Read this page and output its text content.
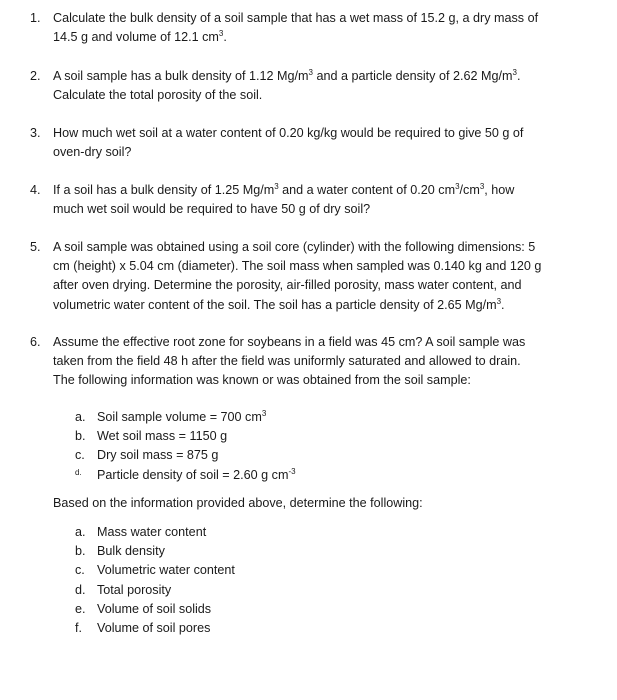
1. Calculate the bulk density of a soil sample that has a wet mass of 15.2 g, a dry mass of
14.5 g and volume of 12.1 $cm^3$.
2. A soil sample has a bulk density of 1.12 $Mg/m^3$ and a particle density of 2.62 $Mg/m^3$.
Calculate the total porosity of the soil.
3. How much wet soil at a water content of 0.20 kg/kg would be required to give 50 g of
oven-dry soil?
4. If a soil has a bulk density of 1.25 $Mg/m^3$ and a water content of 0.20 $cm^3/cm^3$, how
much wet soil would be required to have 50 g of dry soil?
5. A soil sample was obtained using a soil core (cylinder) with the following dimensions: 5
cm (height) x 5.04 cm (diameter). The soil mass when sampled was 0.140 kg and 120 g
after oven drying. Determine the porosity, air-filled porosity, mass water content, and
volumetric water content of the soil. The soil has a particle density of 2.65 $Mg/m^3$.
6. Assume the effective root zone for soybeans in a field was 45 cm? A soil sample was
taken from the field 48 h after the field was uniformly saturated and allowed to drain.
The following information was known or was obtained from the soil sample:
a. Soil sample volume = 700 $cm^3$
b. Wet soil mass = 1150 g
c. Dry soil mass = 875 g
d.	Particle density of soil = 2.60 g $cm^{-3}$
Based on the information provided above, determine the following:
a. Mass water content
b. Bulk density
c. Volumetric water content
d. Total porosity
e. Volume of soil solids
f.	Volume of soil pores
